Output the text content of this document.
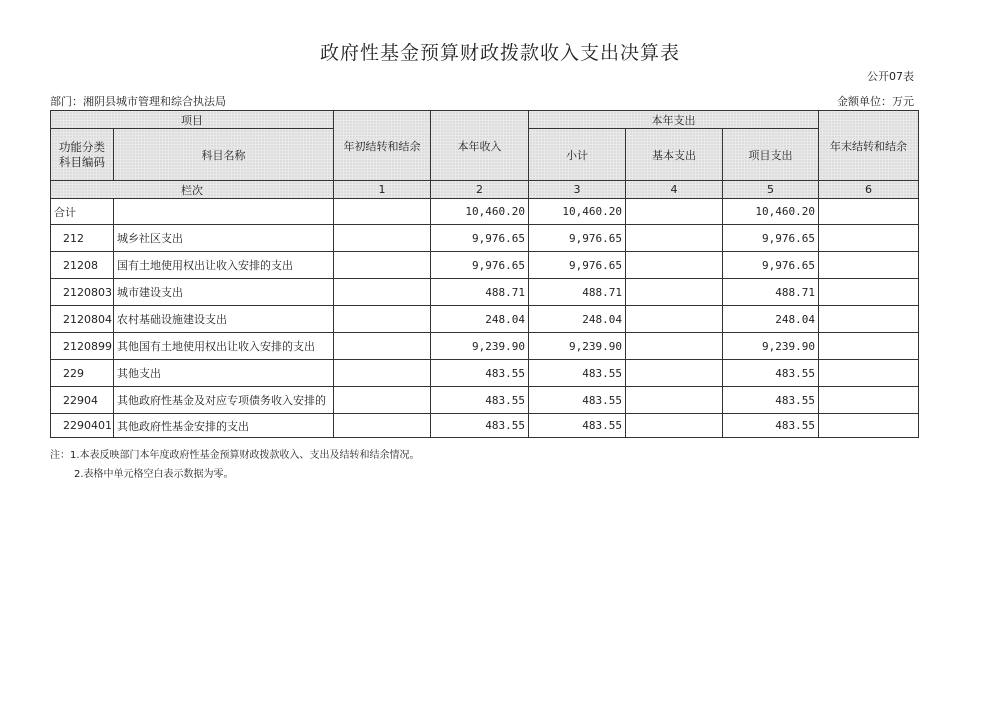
政府性基金预算财政拨款收入支出决算表
公开07表
部门：湘阴县城市管理和综合执法局	金额单位：万元
项目		年初结转和结余	本年收入	本年支出			年末结转和结余
功能分类科目编码	科目名称			小计	基本支出	项目支出	
栏次		1	2	3	4	5	6
合计			10,460.20	10,460.20		10,460.20	
212	城乡社区支出		9,976.65	9,976.65		9,976.65	
21208	国有土地使用权出让收入安排的支出		9,976.65	9,976.65		9,976.65	
2120803	城市建设支出		488.71	488.71		488.71	
2120804	农村基础设施建设支出		248.04	248.04		248.04	
2120899	其他国有土地使用权出让收入安排的支出		9,239.90	9,239.90		9,239.90	
229	其他支出		483.55	483.55		483.55	
22904	其他政府性基金及对应专项债务收入安排的		483.55	483.55		483.55	
2290401	其他政府性基金安排的支出		483.55	483.55		483.55	
注：1.本表反映部门本年度政府性基金预算财政拨款收入、支出及结转和结余情况。
2.表格中单元格空白表示数据为零。
